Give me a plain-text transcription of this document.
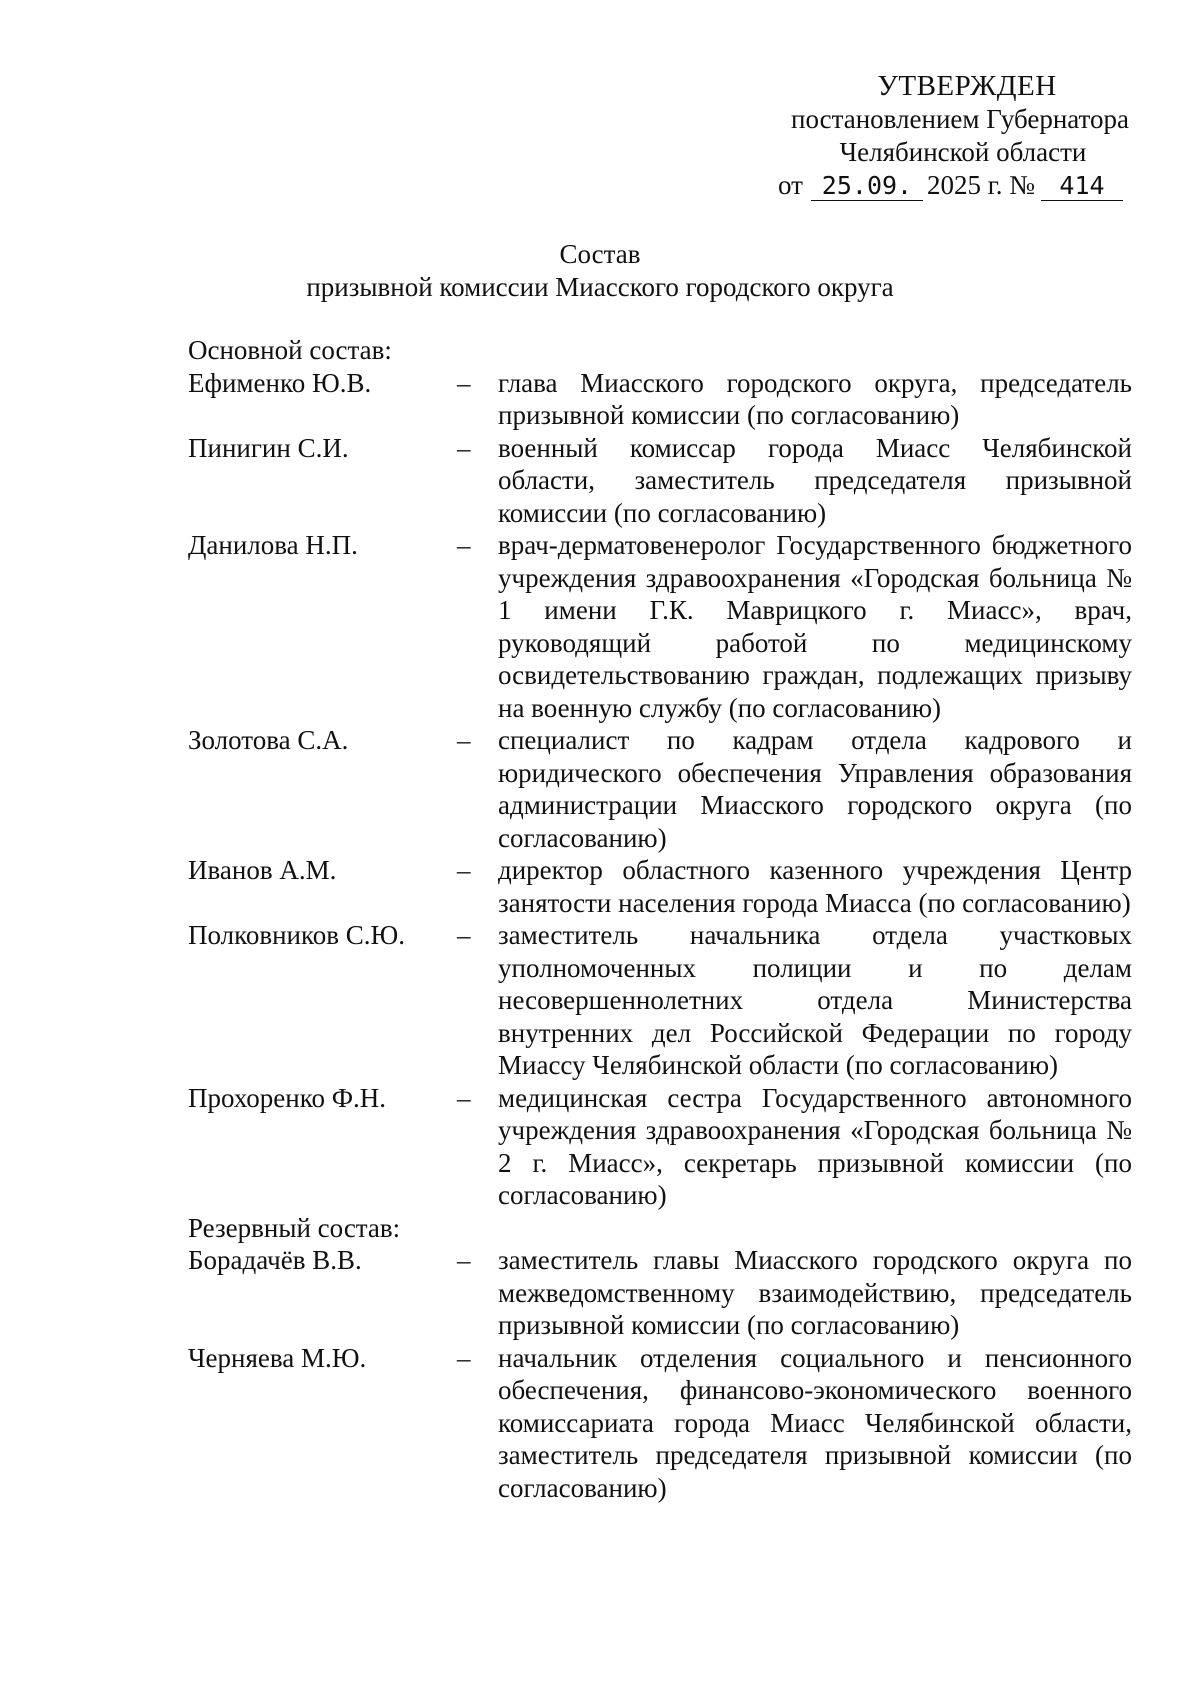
УТВЕРЖДЕН
постановлением Губернатора
Челябинской области
от 25.09. 2025 г. № 414
Состав
призывной комиссии Миасского городского округа
Основной состав:
Ефименко Ю.В.	–	глава Миасского городского округа, председатель призывной комиссии (по согласованию)
Пинигин С.И.	–	военный комиссар города Миасс Челябинской области, заместитель председателя призывной комиссии (по согласованию)
Данилова Н.П.	–	врач-дерматовенеролог Государственного бюджетного учреждения здравоохранения «Городская больница № 1 имени Г.К. Маврицкого г. Миасс», врач, руководящий работой по медицинскому освидетельствованию граждан, подлежащих призыву на военную службу (по согласованию)
Золотова С.А.	–	специалист по кадрам отдела кадрового и юридического обеспечения Управления образования администрации Миасского городского округа (по согласованию)
Иванов А.М.	–	директор областного казенного учреждения Центр занятости населения города Миасса (по согласованию)
Полковников С.Ю.	–	заместитель начальника отдела участковых уполномоченных полиции и по делам несовершеннолетних отдела Министерства внутренних дел Российской Федерации по городу Миассу Челябинской области (по согласованию)
Прохоренко Ф.Н.	–	медицинская сестра Государственного автономного учреждения здравоохранения «Городская больница № 2 г. Миасс», секретарь призывной комиссии (по согласованию)
Резервный состав:
Борадачёв В.В.	–	заместитель главы Миасского городского округа по межведомственному взаимодействию, председатель призывной комиссии (по согласованию)
Черняева М.Ю.	–	начальник отделения социального и пенсионного обеспечения, финансово-экономического военного комиссариата города Миасс Челябинской области, заместитель председателя призывной комиссии (по согласованию)
